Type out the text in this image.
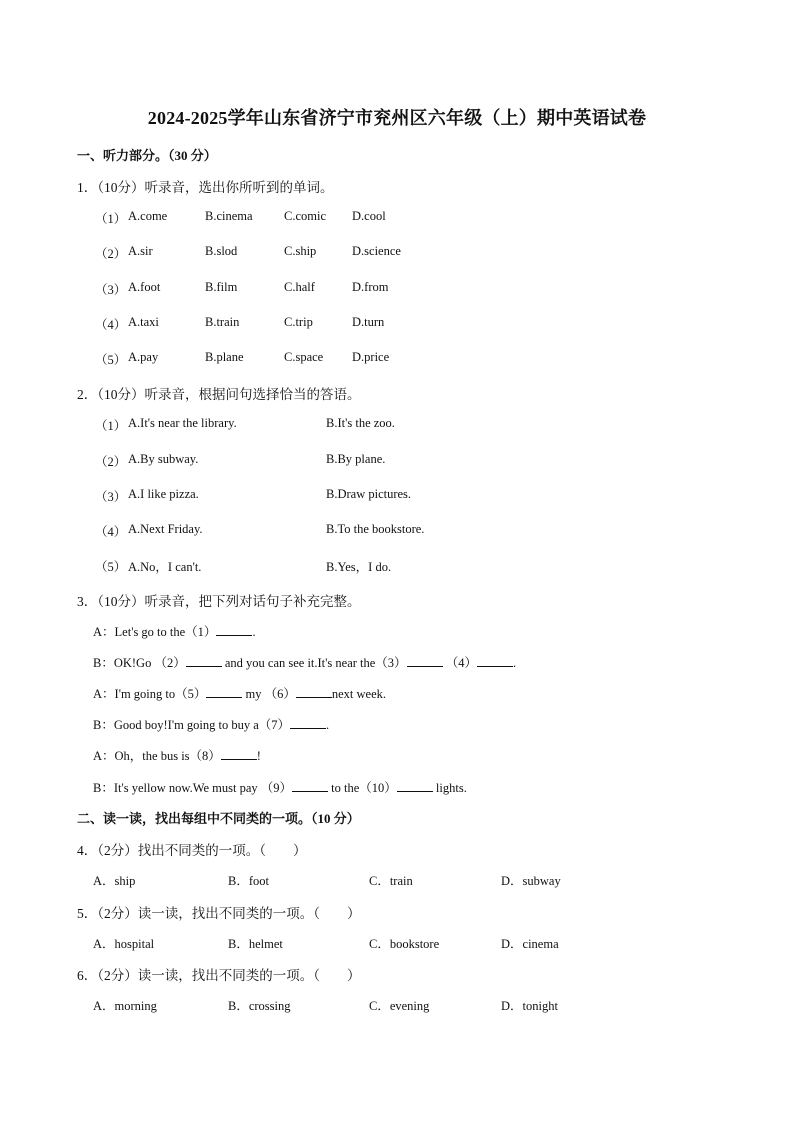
2024-2025学年山东省济宁市兖州区六年级（上）期中英语试卷
一、听力部分。（30 分）
1．（10分）听录音，选出你所听到的单词。
（1） A.come	B.cinema	C.comic D.cool
（2） A.sir	B.slod	C.ship	D.science
（3） A.foot	B.film	C.half	D.from
（4） A.taxi	B.train	C.trip	D.turn
（5） A.pay	B.plane	C.space D.price
2．（10分）听录音，根据问句选择恰当的答语。
（1） A.It's near the library.	B.It's the zoo.
（2） A.By subway.	B.By plane.
（3） A.I like pizza.	B.Draw pictures.
（4） A.Next Friday.	B.To the bookstore.
（5） A.No，I can't.	B.Yes，I do.
3．（10分）听录音，把下列对话句子补充完整。
A：Let's go to the（1）	.
B：OK!Go （2）	and you can see it.It's near the（3）	（4）	.
A：I'm going to（5）	my （6）	next week.
B：Good boy!I'm going to buy a（7）	.
A：Oh，the bus is（8）	!
B：It's yellow now.We must pay （9）	to the（10）	lights.
二、读一读，找出每组中不同类的一项。（10 分）
4．（2分）找出不同类的一项。（　　）
A．ship	B．foot	C．train	D．subway
5．（2分）读一读，找出不同类的一项。（　　）
A．hospital	B．helmet	C．bookstore	D．cinema
6．（2分）读一读，找出不同类的一项。（　　）
A．morning	B．crossing	C．evening	D．tonight
